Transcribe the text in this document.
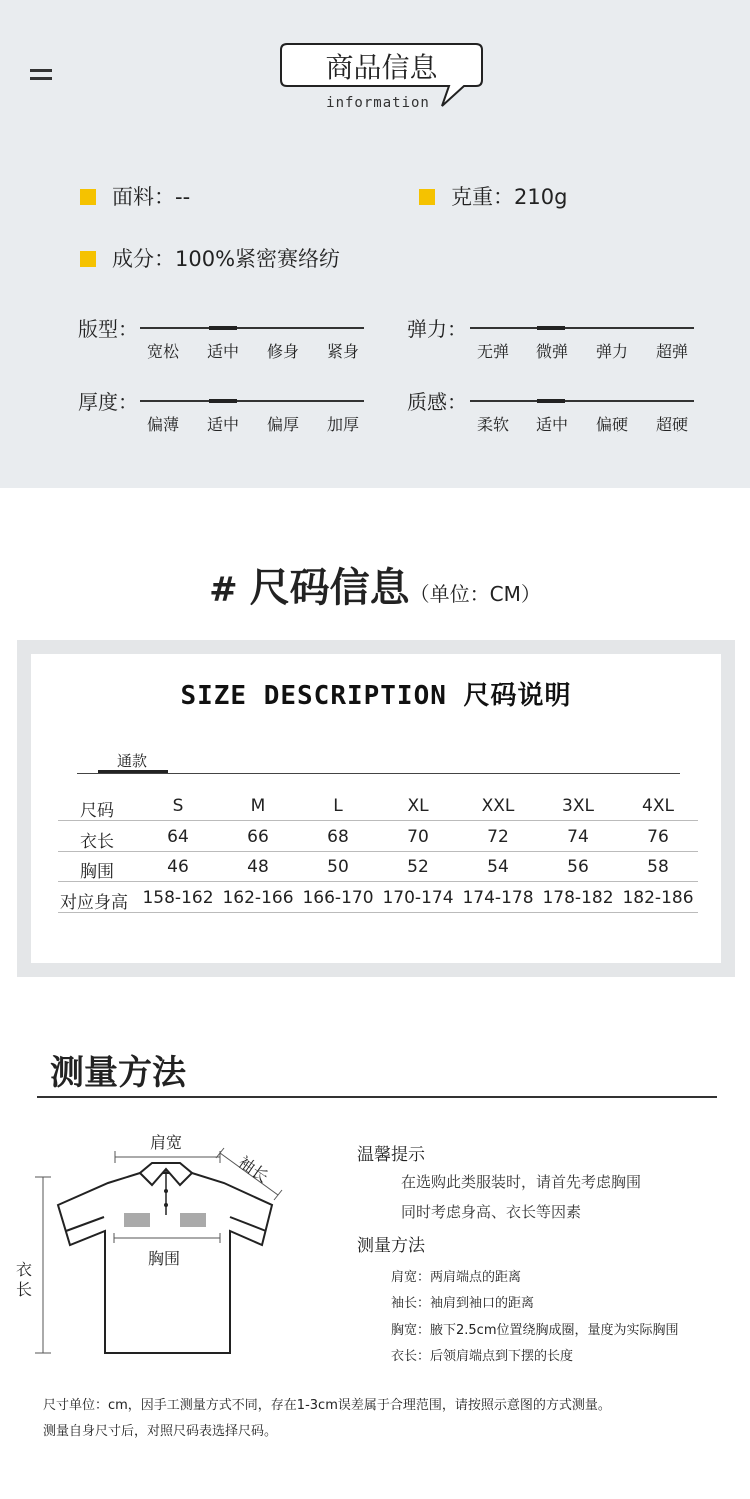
商品信息
information
面料：--	克重：210g
成分：100%紧密赛络纺
版型：
宽松	适中	修身	紧身
弹力：
无弹	微弹	弹力	超弹
厚度：
偏薄	适中	偏厚	加厚
质感：
柔软	适中	偏硬	超硬
# 尺码信息（单位：CM）
SIZE DESCRIPTION 尺码说明
通款
尺码	S	M	L	XL	XXL	3XL	4XL
衣长	64	66	68	70	72	74	76
胸围	46	48	50	52	54	56	58
对应身高 158-162 162-166 166-170 170-174 174-178 178-182 182-186
测量方法
肩宽
袖长
胸围
衣长
温馨提示
在选购此类服装时，请首先考虑胸围
同时考虑身高、衣长等因素
测量方法
肩宽：两肩端点的距离
袖长：袖肩到袖口的距离
胸宽：腋下2.5cm位置绕胸成圈，量度为实际胸围
衣长：后领肩端点到下摆的长度
尺寸单位：cm，因手工测量方式不同，存在1-3cm误差属于合理范围，请按照示意图的方式测量。
测量自身尺寸后，对照尺码表选择尺码。
